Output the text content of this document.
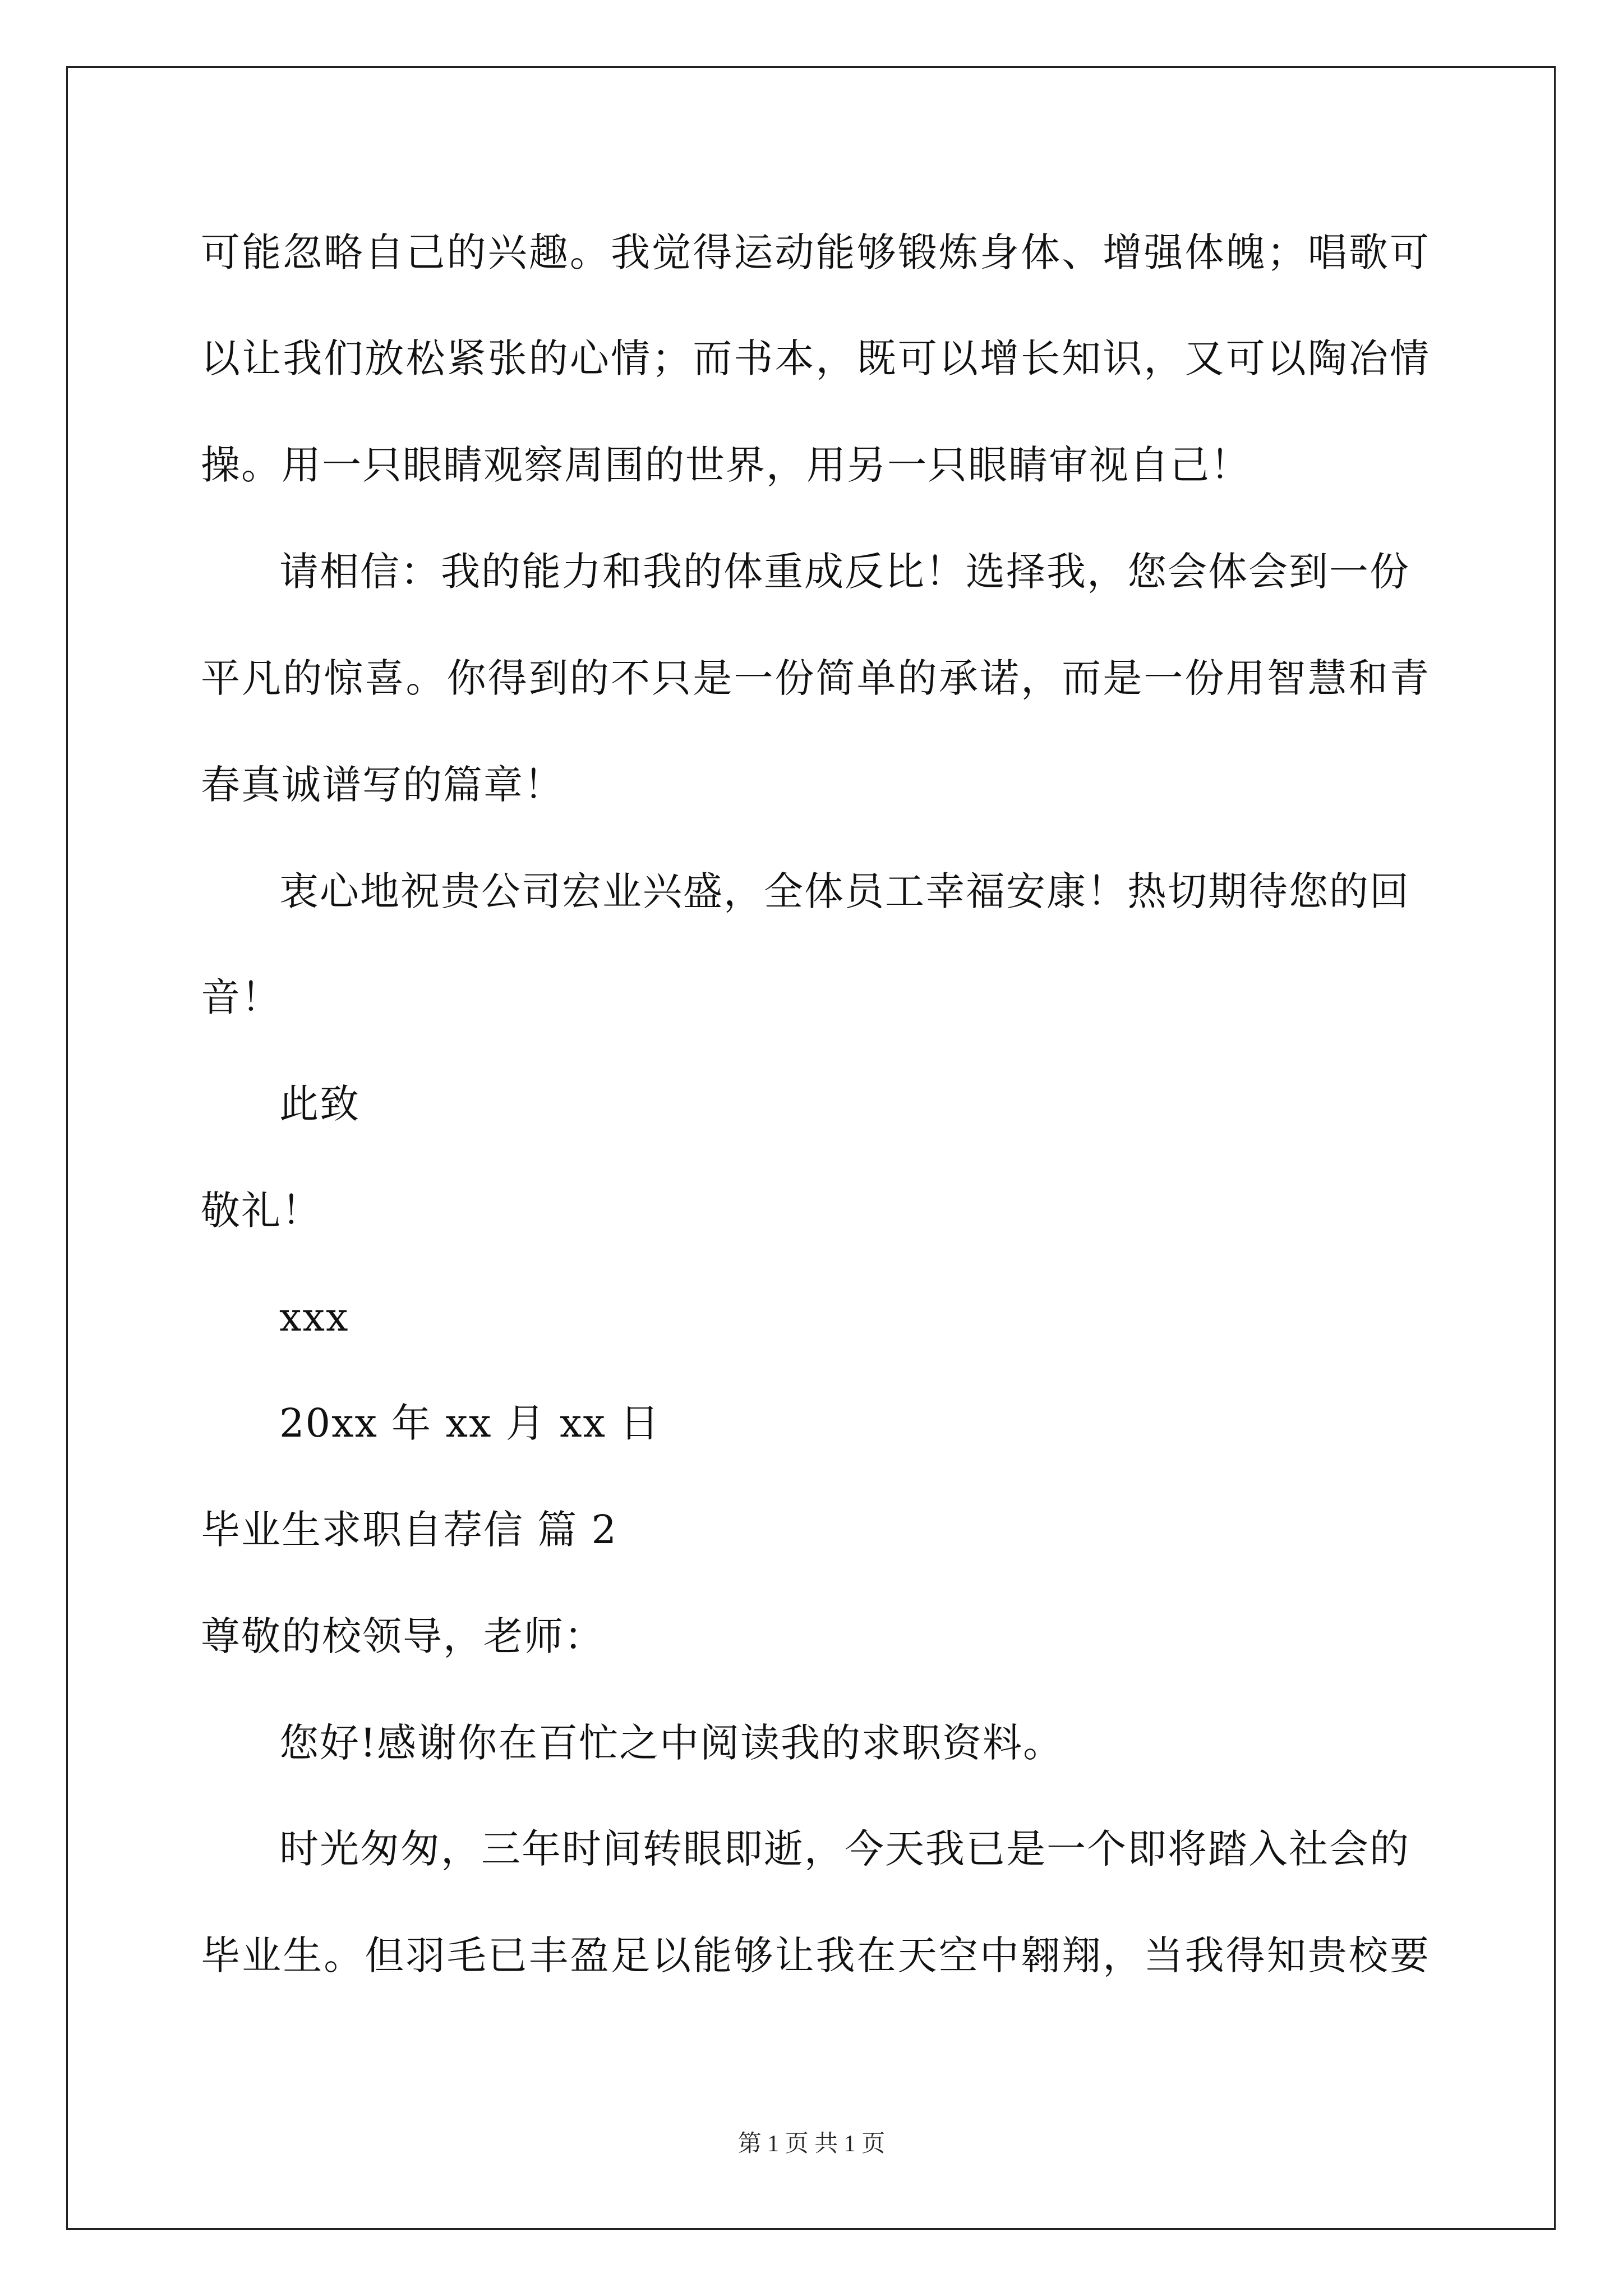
可能忽略自己的兴趣。我觉得运动能够锻炼身体、增强体魄；唱歌可
以让我们放松紧张的心情；而书本，既可以增长知识，又可以陶冶情
操。用一只眼睛观察周围的世界，用另一只眼睛审视自己！
请相信：我的能力和我的体重成反比！选择我，您会体会到一份
平凡的惊喜。你得到的不只是一份简单的承诺，而是一份用智慧和青
春真诚谱写的篇章！
衷心地祝贵公司宏业兴盛，全体员工幸福安康！热切期待您的回
音！
此致
敬礼！
xxx
20xx 年 xx 月 xx 日
毕业生求职自荐信 篇 2
尊敬的校领导，老师：
您好!感谢你在百忙之中阅读我的求职资料。
时光匆匆，三年时间转眼即逝，今天我已是一个即将踏入社会的
毕业生。但羽毛已丰盈足以能够让我在天空中翱翔，当我得知贵校要
第 1 页 共 1 页
